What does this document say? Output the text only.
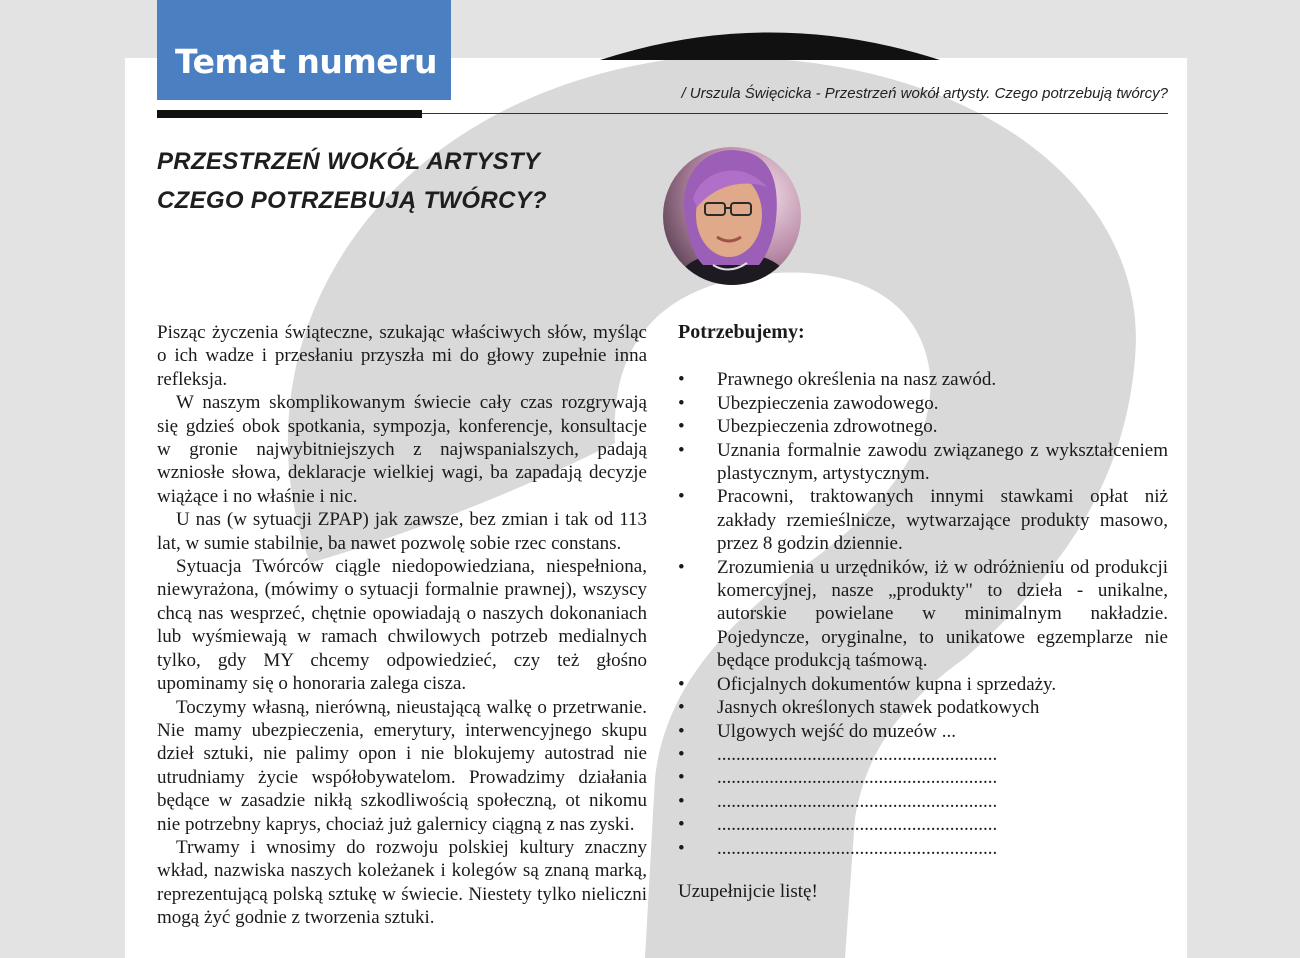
Temat numeru
/ Urszula Święcicka - Przestrzeń wokół artysty. Czego potrzebują twórcy?
PRZESTRZEŃ WOKÓŁ ARTYSTY
CZEGO POTRZEBUJĄ TWÓRCY?

Pisząc życzenia świąteczne, szukając właściwych słów, myśląc o ich wadze i przesłaniu przyszła mi do głowy zupełnie inna refleksja.

W naszym skomplikowanym świecie cały czas rozgrywają się gdzieś obok spotkania, sympozja, konferencje, konsultacje w gronie najwybitniejszych z najwspanialszych, padają wzniosłe słowa, deklaracje wielkiej wagi, ba zapadają decyzje wiążące i no właśnie i nic.

U nas (w sytuacji ZPAP) jak zawsze, bez zmian i tak od 113 lat, w sumie stabilnie, ba nawet pozwolę sobie rzec constans.

Sytuacja Twórców ciągle niedopowiedziana, niespełniona, niewyrażona, (mówimy o sytuacji formalnie prawnej), wszyscy chcą nas wesprzeć, chętnie opowiadają o naszych dokonaniach lub wyśmiewają w ramach chwilowych potrzeb medialnych tylko, gdy MY chcemy odpowiedzieć, czy też głośno upominamy się o honoraria zalega cisza.

Toczymy własną, nierówną, nieustającą walkę o przetrwanie. Nie mamy ubezpieczenia, emerytury, interwencyjnego skupu dzieł sztuki, nie palimy opon i nie blokujemy autostrad nie utrudniamy życie współobywatelom. Prowadzimy działania będące w zasadzie nikłą szkodliwością społeczną, ot nikomu nie potrzebny kaprys, chociaż już galernicy ciągną z nas zyski.

Trwamy i wnosimy do rozwoju polskiej kultury znaczny wkład, nazwiska naszych koleżanek i kolegów są znaną marką, reprezentującą polską sztukę w świecie. Niestety tylko nieliczni mogą żyć godnie z tworzenia sztuki.

Potrzebujemy:
• Prawnego określenia na nasz zawód.
• Ubezpieczenia zawodowego.
• Ubezpieczenia zdrowotnego.
• Uznania formalnie zawodu związanego z wykształceniem plastycznym, artystycznym.
• Pracowni, traktowanych innymi stawkami opłat niż zakłady rzemieślnicze, wytwarzające produkty masowo, przez 8 godzin dziennie.
• Zrozumienia u urzędników, iż w odróżnieniu od produkcji komercyjnej, nasze „produkty" to dzieła - unikalne, autorskie powielane w minimalnym nakładzie. Pojedyncze, oryginalne, to unikatowe egzemplarze nie będące produkcją taśmową.
• Oficjalnych dokumentów kupna i sprzedaży.
• Jasnych określonych stawek podatkowych
• Ulgowych wejść do muzeów ...
• ...........................................................
• ...........................................................
• ...........................................................
• ...........................................................
• ...........................................................
Uzupełnijcie listę!
